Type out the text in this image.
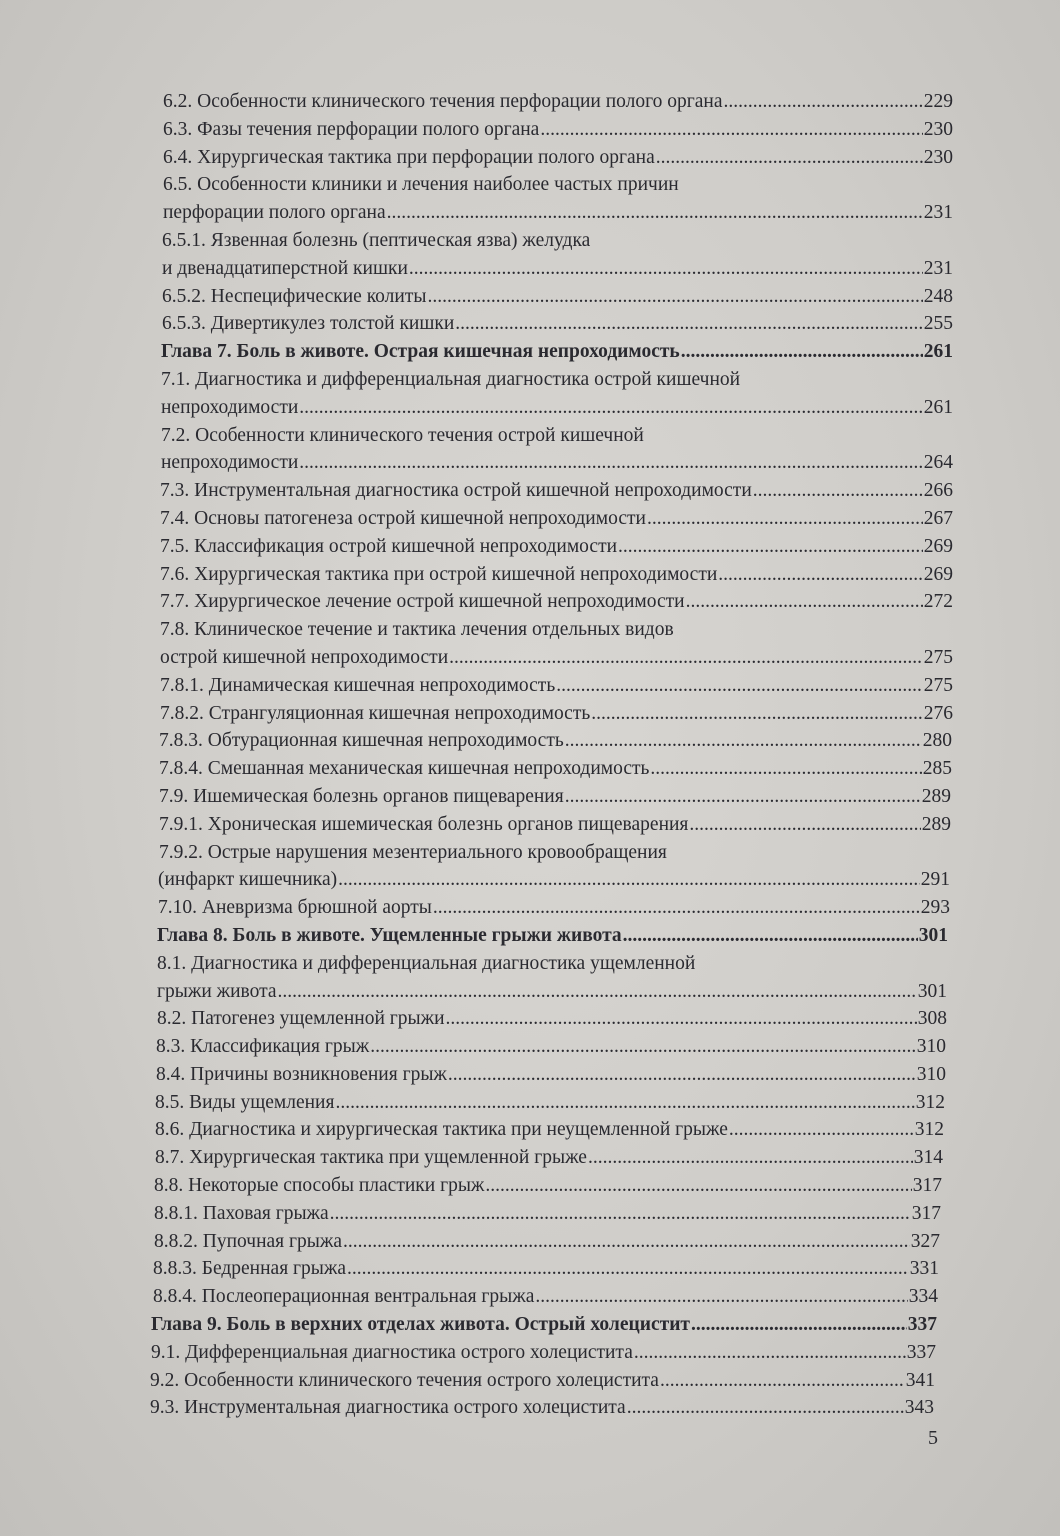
6.2. Особенности клинического течения перфорации полого органа .....	229
6.3. Фазы течения перфорации полого органа .....	230
6.4. Хирургическая тактика при перфорации полого органа .....	230
6.5. Особенности клиники и лечения наиболее частых причин
перфорации полого органа .....	231
6.5.1. Язвенная болезнь (пептическая язва) желудка
и двенадцатиперстной кишки .....	231
6.5.2. Неспецифические колиты .....	248
6.5.3. Дивертикулез толстой кишки .....	255
Глава 7. Боль в животе. Острая кишечная непроходимость .....	261
7.1. Диагностика и дифференциальная диагностика острой кишечной
непроходимости .....	261
7.2. Особенности клинического течения острой кишечной
непроходимости .....	264
7.3. Инструментальная диагностика острой кишечной непроходимости .....	266
7.4. Основы патогенеза острой кишечной непроходимости .....	267
7.5. Классификация острой кишечной непроходимости .....	269
7.6. Хирургическая тактика при острой кишечной непроходимости .....	269
7.7. Хирургическое лечение острой кишечной непроходимости .....	272
7.8. Клиническое течение и тактика лечения отдельных видов
острой кишечной непроходимости .....	275
7.8.1. Динамическая кишечная непроходимость .....	275
7.8.2. Странгуляционная кишечная непроходимость .....	276
7.8.3. Обтурационная кишечная непроходимость .....	280
7.8.4. Смешанная механическая кишечная непроходимость .....	285
7.9. Ишемическая болезнь органов пищеварения .....	289
7.9.1. Хроническая ишемическая болезнь органов пищеварения .....	289
7.9.2. Острые нарушения мезентериального кровообращения
(инфаркт кишечника) .....	291
7.10. Аневризма брюшной аорты .....	293
Глава 8. Боль в животе. Ущемленные грыжи живота .....	301
8.1. Диагностика и дифференциальная диагностика ущемленной
грыжи живота .....	301
8.2. Патогенез ущемленной грыжи .....	308
8.3. Классификация грыж .....	310
8.4. Причины возникновения грыж .....	310
8.5. Виды ущемления .....	312
8.6. Диагностика и хирургическая тактика при неущемленной грыже .....	312
8.7. Хирургическая тактика при ущемленной грыже .....	314
8.8. Некоторые способы пластики грыж .....	317
8.8.1. Паховая грыжа .....	317
8.8.2. Пупочная грыжа .....	327
8.8.3. Бедренная грыжа .....	331
8.8.4. Послеоперационная вентральная грыжа .....	334
Глава 9. Боль в верхних отделах живота. Острый холецистит .....	337
9.1. Дифференциальная диагностика острого холецистита .....	337
9.2. Особенности клинического течения острого холецистита .....	341
9.3. Инструментальная диагностика острого холецистита .....	343
5
